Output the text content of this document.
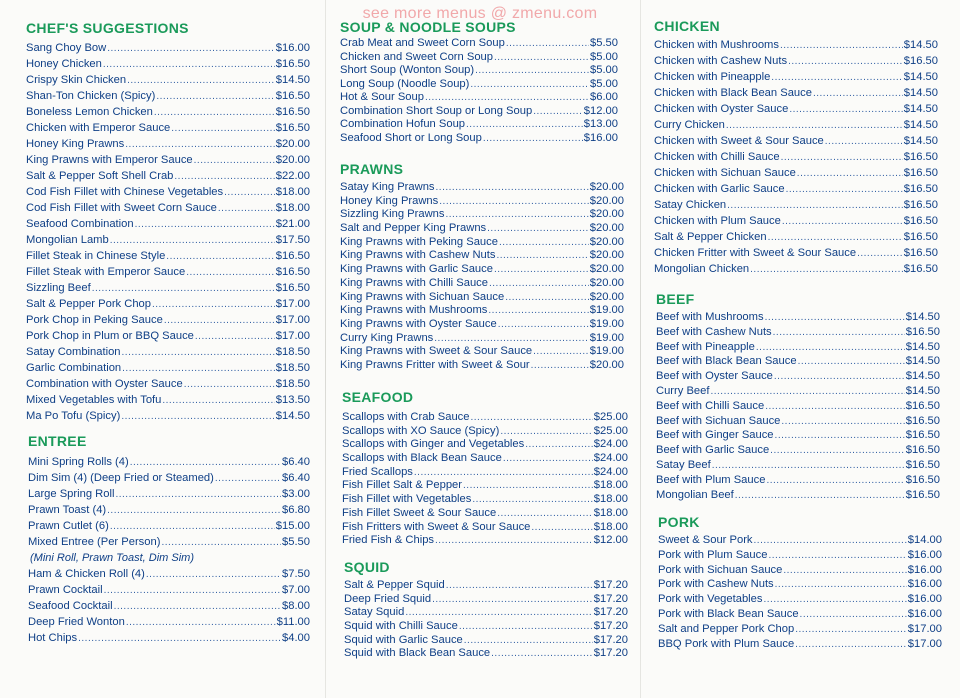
see more menus @ zmenu.com
CHEF'S SUGGESTIONS
Sang Choy Bow .....	$16.00
Honey Chicken .....	$16.50
Crispy Skin Chicken .....	$14.50
Shan-Ton Chicken (Spicy) .....	$16.50
Boneless Lemon Chicken .....	$16.50
Chicken with Emperor Sauce .....	$16.50
Honey King Prawns .....	$20.00
King Prawns with Emperor Sauce .....	$20.00
Salt & Pepper Soft Shell Crab .....	$22.00
Cod Fish Fillet with Chinese Vegetables .....	$18.00
Cod Fish Fillet with Sweet Corn Sauce .....	$18.00
Seafood Combination .....	$21.00
Mongolian Lamb .....	$17.50
Fillet Steak in Chinese Style .....	$16.50
Fillet Steak with Emperor Sauce .....	$16.50
Sizzling Beef .....	$16.50
Salt & Pepper Pork Chop .....	$17.00
Pork Chop in Peking Sauce .....	$17.00
Pork Chop in Plum or BBQ Sauce .....	$17.00
Satay Combination .....	$18.50
Garlic Combination .....	$18.50
Combination with Oyster Sauce .....	$18.50
Mixed Vegetables with Tofu .....	$13.50
Ma Po Tofu (Spicy) .....	$14.50
ENTREE
Mini Spring Rolls (4) .....	$6.40
Dim Sim (4) (Deep Fried or Steamed) .....	$6.40
Large Spring Roll .....	$3.00
Prawn Toast (4) .....	$6.80
Prawn Cutlet (6) .....	$15.00
Mixed Entree (Per Person) .....	$5.50
(Mini Roll, Prawn Toast, Dim Sim)
Ham & Chicken Roll (4) .....	$7.50
Prawn Cocktail .....	$7.00
Seafood Cocktail .....	$8.00
Deep Fried Wonton .....	$11.00
Hot Chips .....	$4.00
SOUP & NOODLE SOUPS
Crab Meat and Sweet Corn Soup .....	$5.50
Chicken and Sweet Corn Soup .....	$5.00
Short Soup (Wonton Soup) .....	$5.00
Long Soup (Noodle Soup) .....	$5.00
Hot & Sour Soup .....	$6.00
Combination Short Soup or Long Soup .....	$12.00
Combination Hofun Soup .....	$13.00
Seafood Short or Long Soup .....	$16.00
PRAWNS
Satay King Prawns .....	$20.00
Honey King Prawns .....	$20.00
Sizzling King Prawns .....	$20.00
Salt and Pepper King Prawns .....	$20.00
King Prawns with Peking Sauce .....	$20.00
King Prawns with Cashew Nuts .....	$20.00
King Prawns with Garlic Sauce .....	$20.00
King Prawns with Chilli Sauce .....	$20.00
King Prawns with Sichuan Sauce .....	$20.00
King Prawns with Mushrooms .....	$19.00
King Prawns with Oyster Sauce .....	$19.00
Curry King Prawns .....	$19.00
King Prawns with Sweet & Sour Sauce .....	$19.00
King Prawns Fritter with Sweet & Sour .....	$20.00
SEAFOOD
Scallops with Crab Sauce .....	$25.00
Scallops with XO Sauce (Spicy) .....	$25.00
Scallops with Ginger and Vegetables .....	$24.00
Scallops with Black Bean Sauce .....	$24.00
Fried Scallops .....	$24.00
Fish Fillet Salt & Pepper .....	$18.00
Fish Fillet with Vegetables .....	$18.00
Fish Fillet Sweet & Sour Sauce .....	$18.00
Fish Fritters with Sweet & Sour Sauce .....	$18.00
Fried Fish & Chips .....	$12.00
SQUID
Salt & Pepper Squid .....	$17.20
Deep Fried Squid .....	$17.20
Satay Squid .....	$17.20
Squid with Chilli Sauce .....	$17.20
Squid with Garlic Sauce .....	$17.20
Squid with Black Bean Sauce .....	$17.20
CHICKEN
Chicken with Mushrooms .....	$14.50
Chicken with Cashew Nuts .....	$16.50
Chicken with Pineapple .....	$14.50
Chicken with Black Bean Sauce .....	$14.50
Chicken with Oyster Sauce .....	$14.50
Curry Chicken .....	$14.50
Chicken with Sweet & Sour Sauce .....	$14.50
Chicken with Chilli Sauce .....	$16.50
Chicken with Sichuan Sauce .....	$16.50
Chicken with Garlic Sauce .....	$16.50
Satay Chicken .....	$16.50
Chicken with Plum Sauce .....	$16.50
Salt & Pepper Chicken .....	$16.50
Chicken Fritter with Sweet & Sour Sauce .....	$16.50
Mongolian Chicken .....	$16.50
BEEF
Beef with Mushrooms .....	$14.50
Beef with Cashew Nuts .....	$16.50
Beef with Pineapple .....	$14.50
Beef with Black Bean Sauce .....	$14.50
Beef with Oyster Sauce .....	$14.50
Curry Beef .....	$14.50
Beef with Chilli Sauce .....	$16.50
Beef with Sichuan Sauce .....	$16.50
Beef with Ginger Sauce .....	$16.50
Beef with Garlic Sauce .....	$16.50
Satay Beef .....	$16.50
Beef with Plum Sauce .....	$16.50
Mongolian Beef .....	$16.50
PORK
Sweet & Sour Pork .....	$14.00
Pork with Plum Sauce .....	$16.00
Pork with Sichuan Sauce .....	$16.00
Pork with Cashew Nuts .....	$16.00
Pork with Vegetables .....	$16.00
Pork with Black Bean Sauce .....	$16.00
Salt and Pepper Pork Chop .....	$17.00
BBQ Pork with Plum Sauce .....	$17.00
